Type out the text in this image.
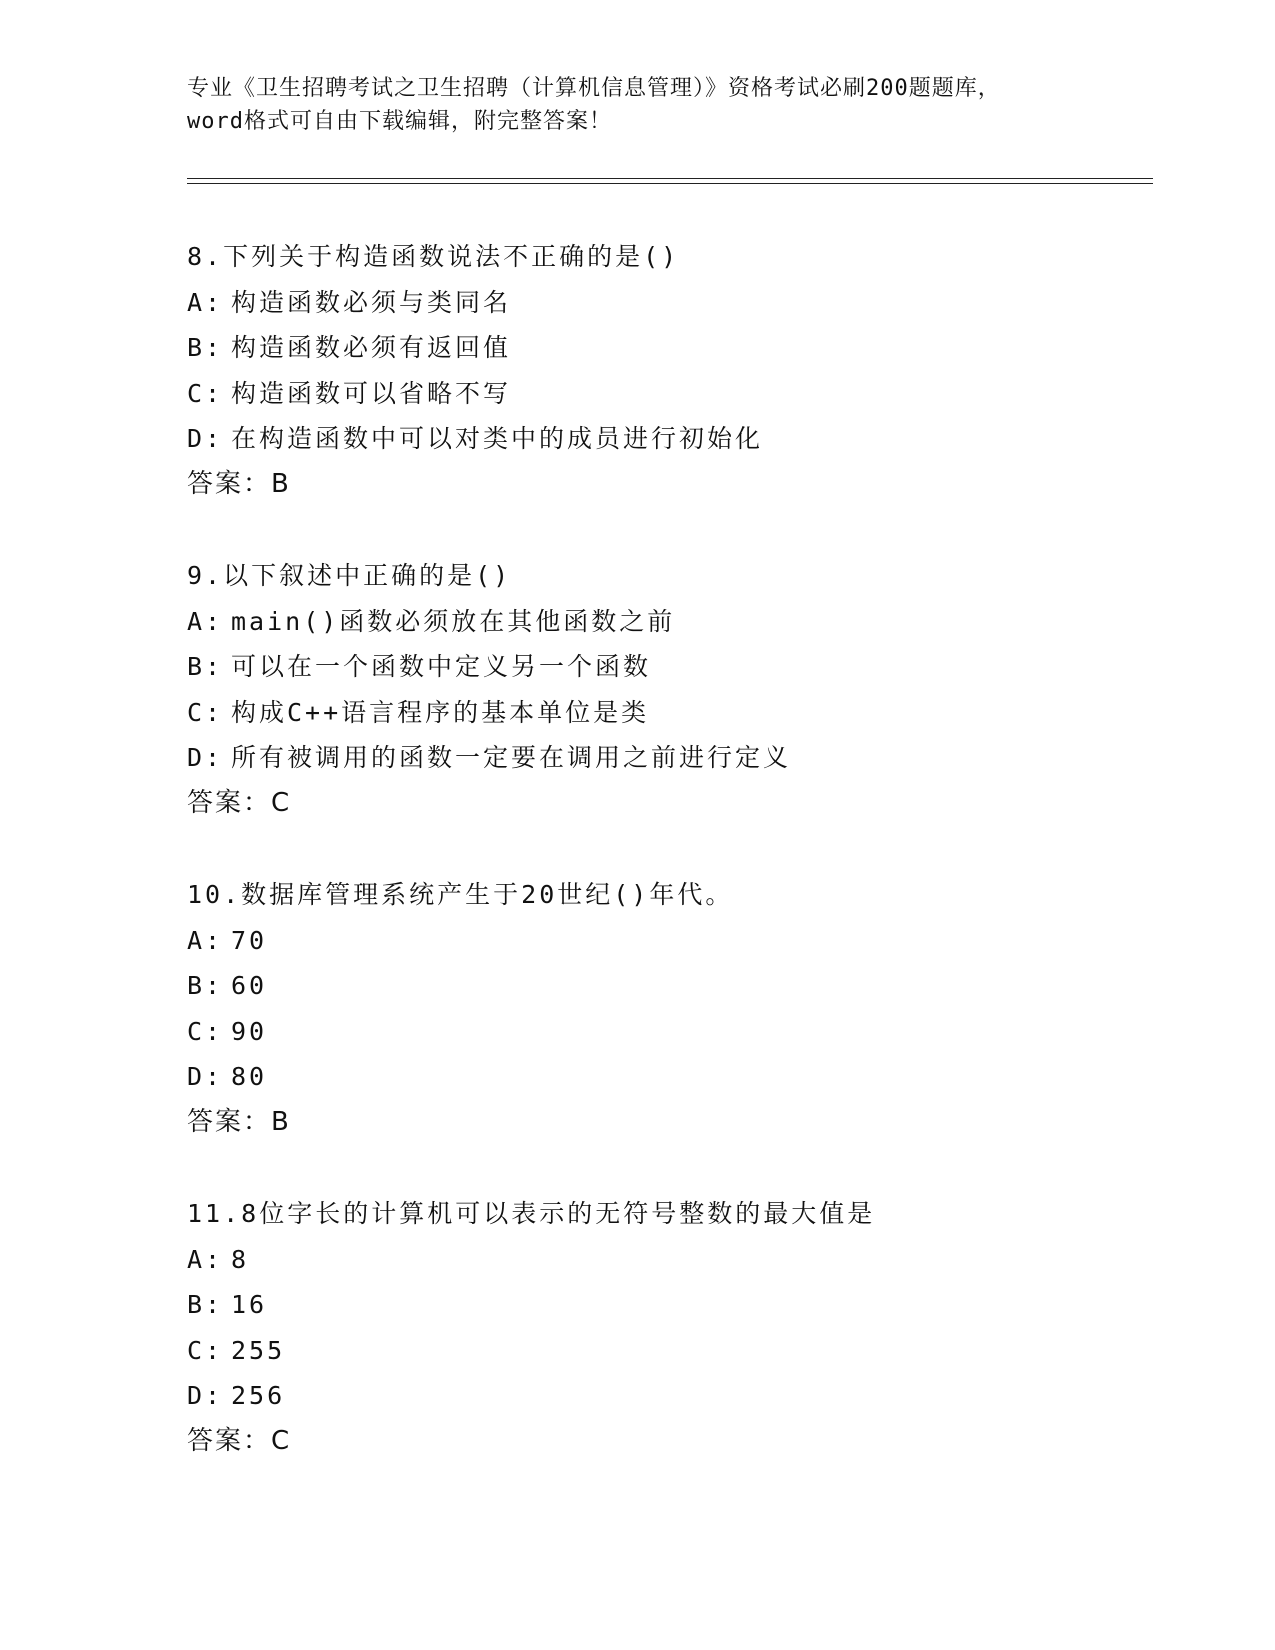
专业《卫生招聘考试之卫生招聘（计算机信息管理）》资格考试必刷200题题库，
word格式可自由下载编辑，附完整答案！
8.下列关于构造函数说法不正确的是()
A: 构造函数必须与类同名
B: 构造函数必须有返回值
C: 构造函数可以省略不写
D: 在构造函数中可以对类中的成员进行初始化
答案：B
9.以下叙述中正确的是()
A: main()函数必须放在其他函数之前
B: 可以在一个函数中定义另一个函数
C: 构成C++语言程序的基本单位是类
D: 所有被调用的函数一定要在调用之前进行定义
答案：C
10.数据库管理系统产生于20世纪()年代。
A: 70
B: 60
C: 90
D: 80
答案：B
11.8位字长的计算机可以表示的无符号整数的最大值是
A: 8
B: 16
C: 255
D: 256
答案：C
